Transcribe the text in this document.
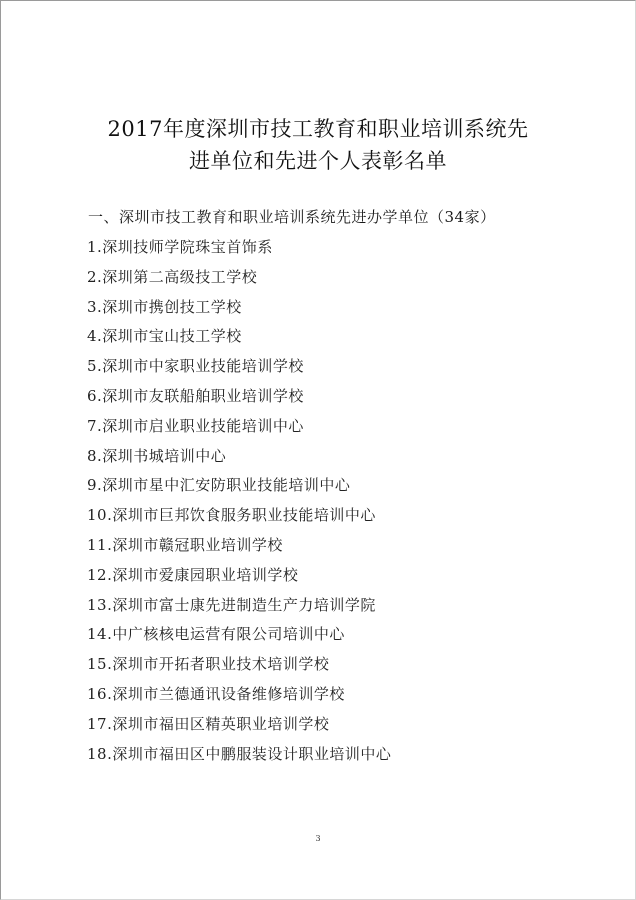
2017年度深圳市技工教育和职业培训系统先
进单位和先进个人表彰名单

一、深圳市技工教育和职业培训系统先进办学单位（34家）

1.深圳技师学院珠宝首饰系
2.深圳第二高级技工学校
3.深圳市携创技工学校
4.深圳市宝山技工学校
5.深圳市中家职业技能培训学校
6.深圳市友联船舶职业培训学校
7.深圳市启业职业技能培训中心
8.深圳书城培训中心
9.深圳市星中汇安防职业技能培训中心
10.深圳市巨邦饮食服务职业技能培训中心
11.深圳市赣冠职业培训学校
12.深圳市爱康园职业培训学校
13.深圳市富士康先进制造生产力培训学院
14.中广核核电运营有限公司培训中心
15.深圳市开拓者职业技术培训学校
16.深圳市兰德通讯设备维修培训学校
17.深圳市福田区精英职业培训学校
18.深圳市福田区中鹏服装设计职业培训中心
3
